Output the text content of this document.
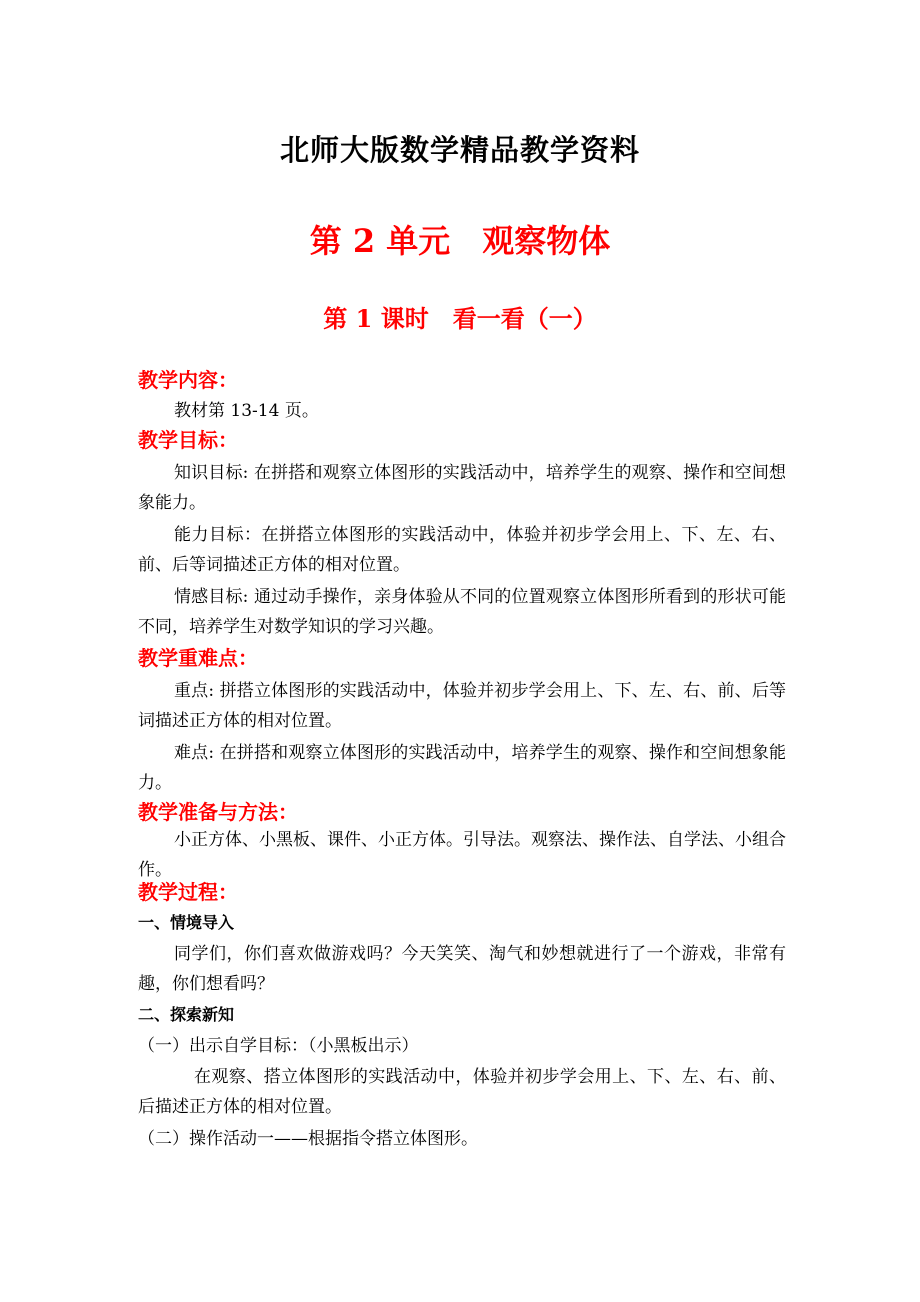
北师大版数学精品教学资料
第 2 单元　观察物体
第 1 课时　看一看（一）
教学内容：

教材第 13-14 页。

教学目标：

知识目标: 在拼搭和观察立体图形的实践活动中，培养学生的观察、操作和空间想象能力。

能力目标：在拼搭立体图形的实践活动中，体验并初步学会用上、下、左、右、前、后等词描述正方体的相对位置。

情感目标: 通过动手操作，亲身体验从不同的位置观察立体图形所看到的形状可能不同，培养学生对数学知识的学习兴趣。

教学重难点：

重点: 拼搭立体图形的实践活动中，体验并初步学会用上、下、左、右、前、后等词描述正方体的相对位置。

难点: 在拼搭和观察立体图形的实践活动中，培养学生的观察、操作和空间想象能力。

教学准备与方法：

小正方体、小黑板、课件、小正方体。引导法。观察法、操作法、自学法、小组合作。

教学过程：
一、情境导入

同学们，你们喜欢做游戏吗？今天笑笑、淘气和妙想就进行了一个游戏，非常有趣，你们想看吗？

二、探索新知

（一）出示自学目标：（小黑板出示）

在观察、搭立体图形的实践活动中，体验并初步学会用上、下、左、右、前、后描述正方体的相对位置。

（二）操作活动一——根据指令搭立体图形。
